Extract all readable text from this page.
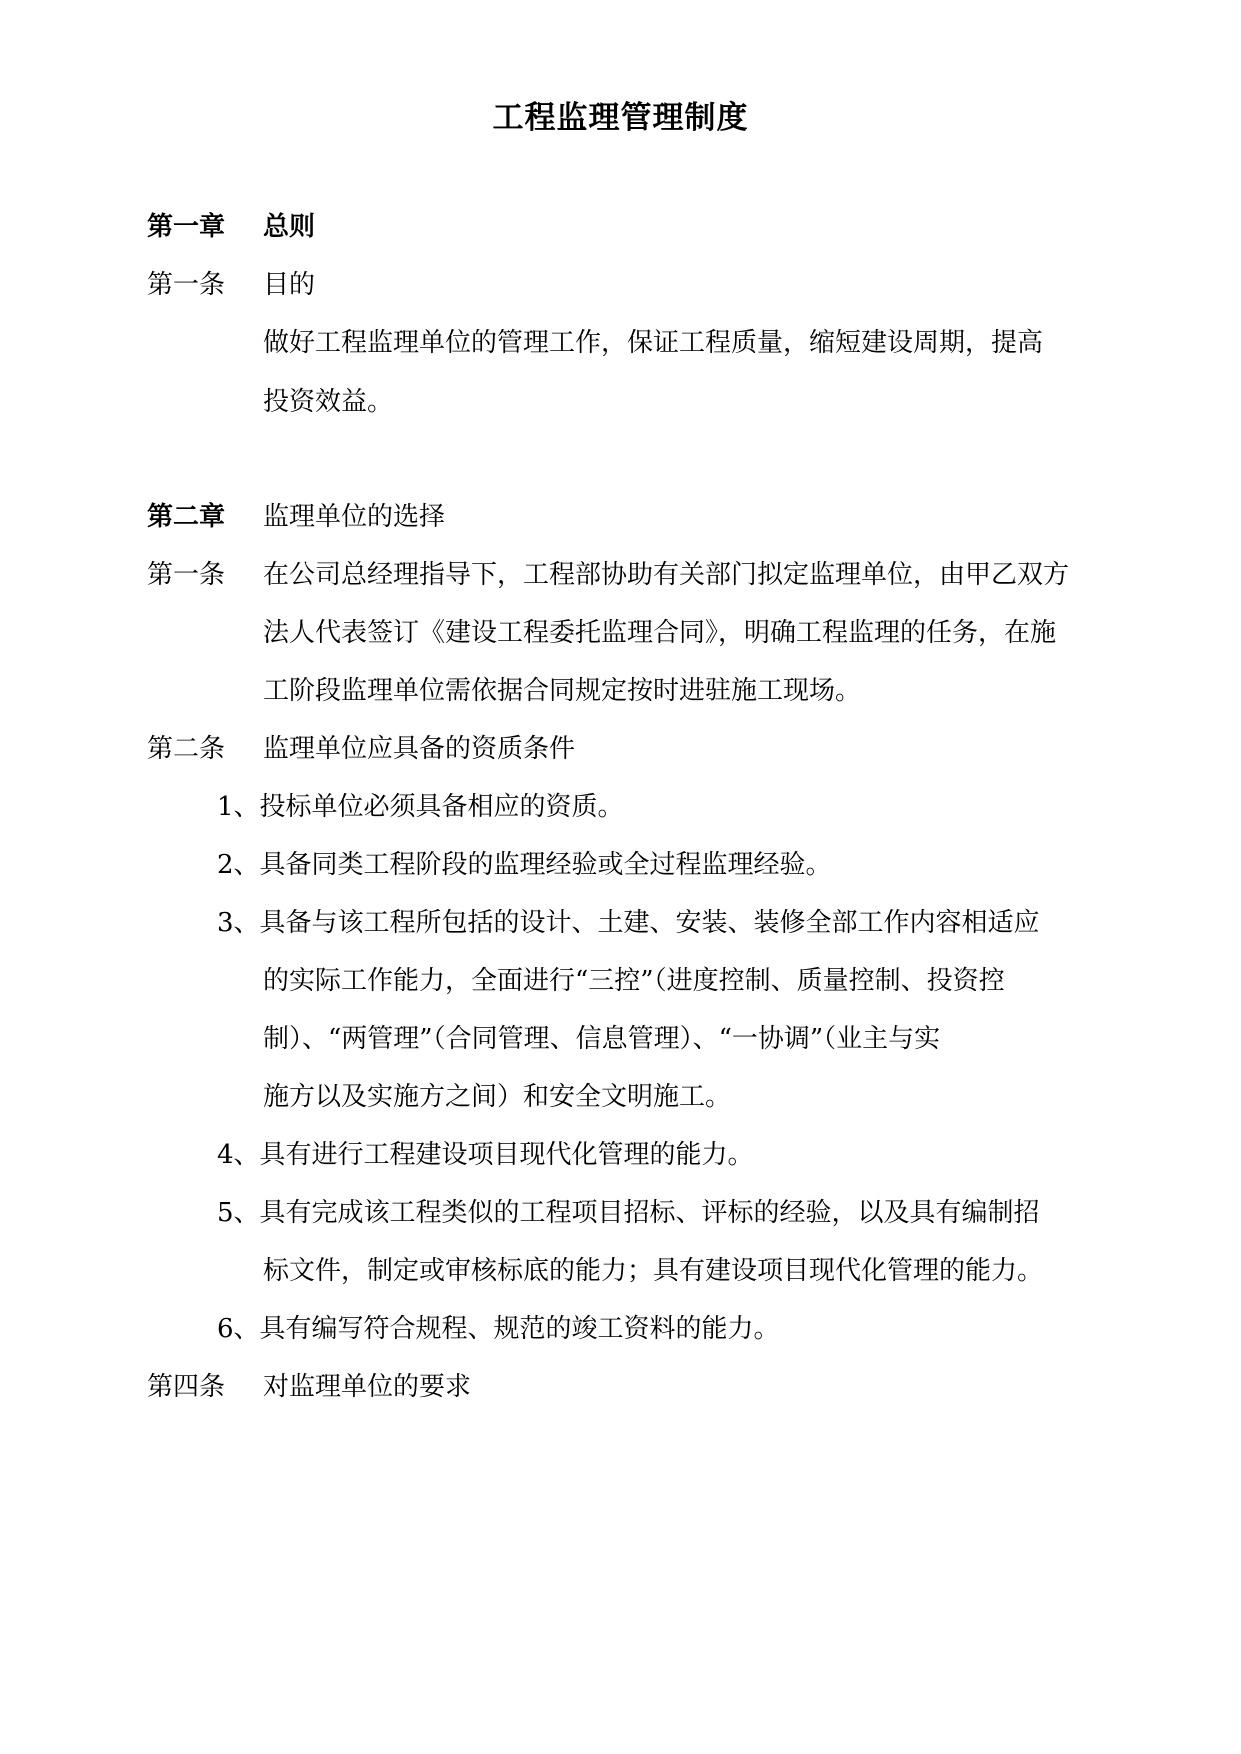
工程监理管理制度
第一章 总则
第一条 目的
做好工程监理单位的管理工作，保证工程质量，缩短建设周期，提高
投资效益。
第二章 监理单位的选择
第一条 在公司总经理指导下，工程部协助有关部门拟定监理单位，由甲乙双方
法人代表签订《建设工程委托监理合同》，明确工程监理的任务，在施
工阶段监理单位需依据合同规定按时进驻施工现场。
第二条 监理单位应具备的资质条件
1、投标单位必须具备相应的资质。
2、具备同类工程阶段的监理经验或全过程监理经验。
3、具备与该工程所包括的设计、土建、安装、装修全部工作内容相适应
的实际工作能力，全面进行“三控”（进度控制、质量控制、投资控
制）、“两管理”（合同管理、信息管理）、“一协调”（业主与实
施方以及实施方之间）和安全文明施工。
4、具有进行工程建设项目现代化管理的能力。
5、具有完成该工程类似的工程项目招标、评标的经验，以及具有编制招
标文件，制定或审核标底的能力；具有建设项目现代化管理的能力。
6、具有编写符合规程、规范的竣工资料的能力。
第四条 对监理单位的要求
